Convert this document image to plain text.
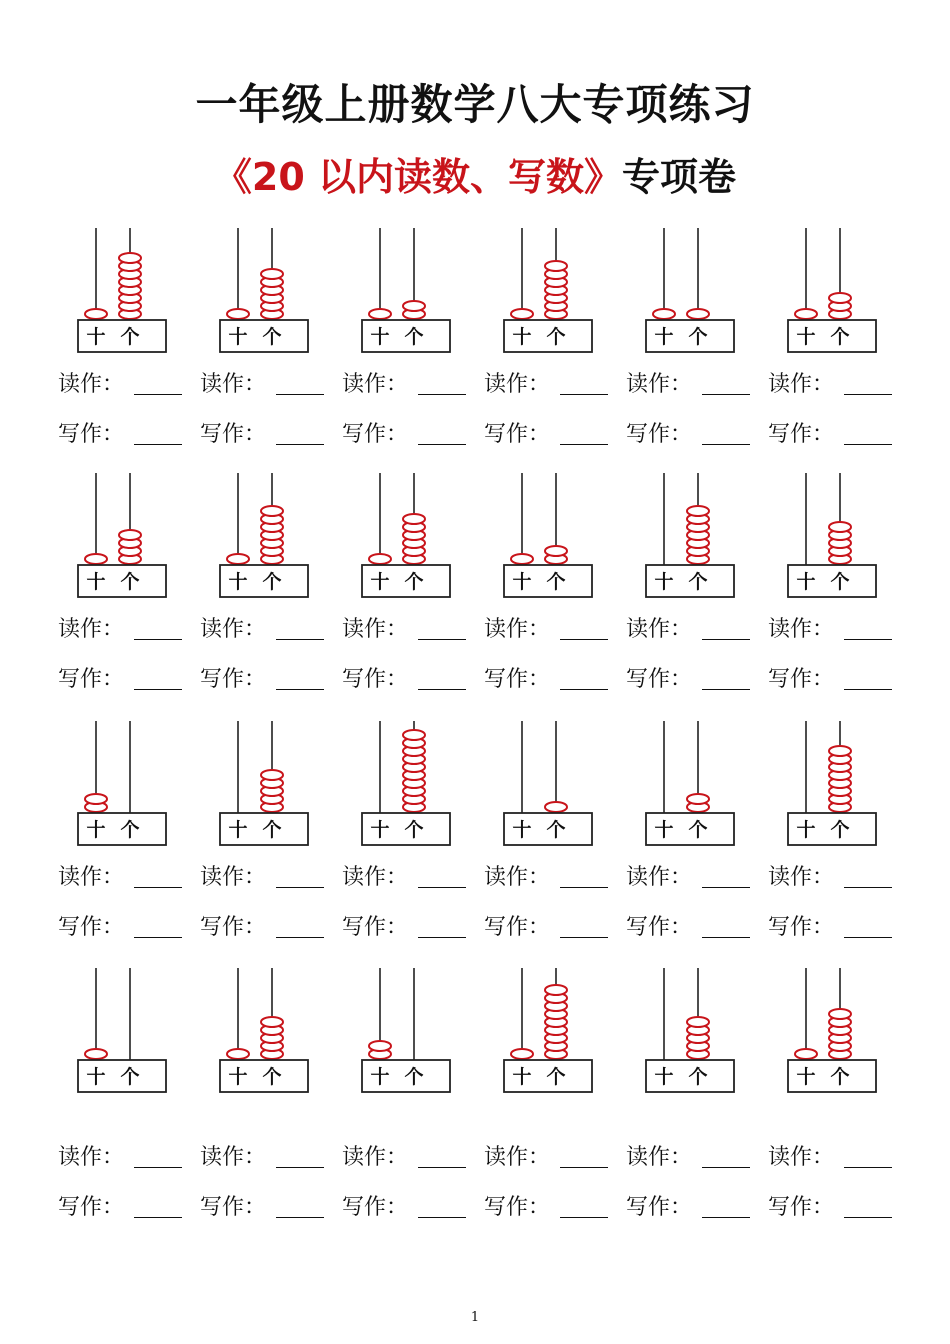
一年级上册数学八大专项练习
《20 以内读数、写数》专项卷
十 个
读作：
写作：
十 个
读作：
写作：
十 个
读作：
写作：
十 个
读作：
写作：
十 个
读作：
写作：
十 个
读作：
写作：
十 个
读作：
写作：
十 个
读作：
写作：
十 个
读作：
写作：
十 个
读作：
写作：
十 个
读作：
写作：
十 个
读作：
写作：
十 个
读作：
写作：
十 个
读作：
写作：
十 个
读作：
写作：
十 个
读作：
写作：
十 个
读作：
写作：
十 个
读作：
写作：
十 个
读作：
写作：
十 个
读作：
写作：
十 个
读作：
写作：
十 个
读作：
写作：
十 个
读作：
写作：
十 个
读作：
写作：
1
